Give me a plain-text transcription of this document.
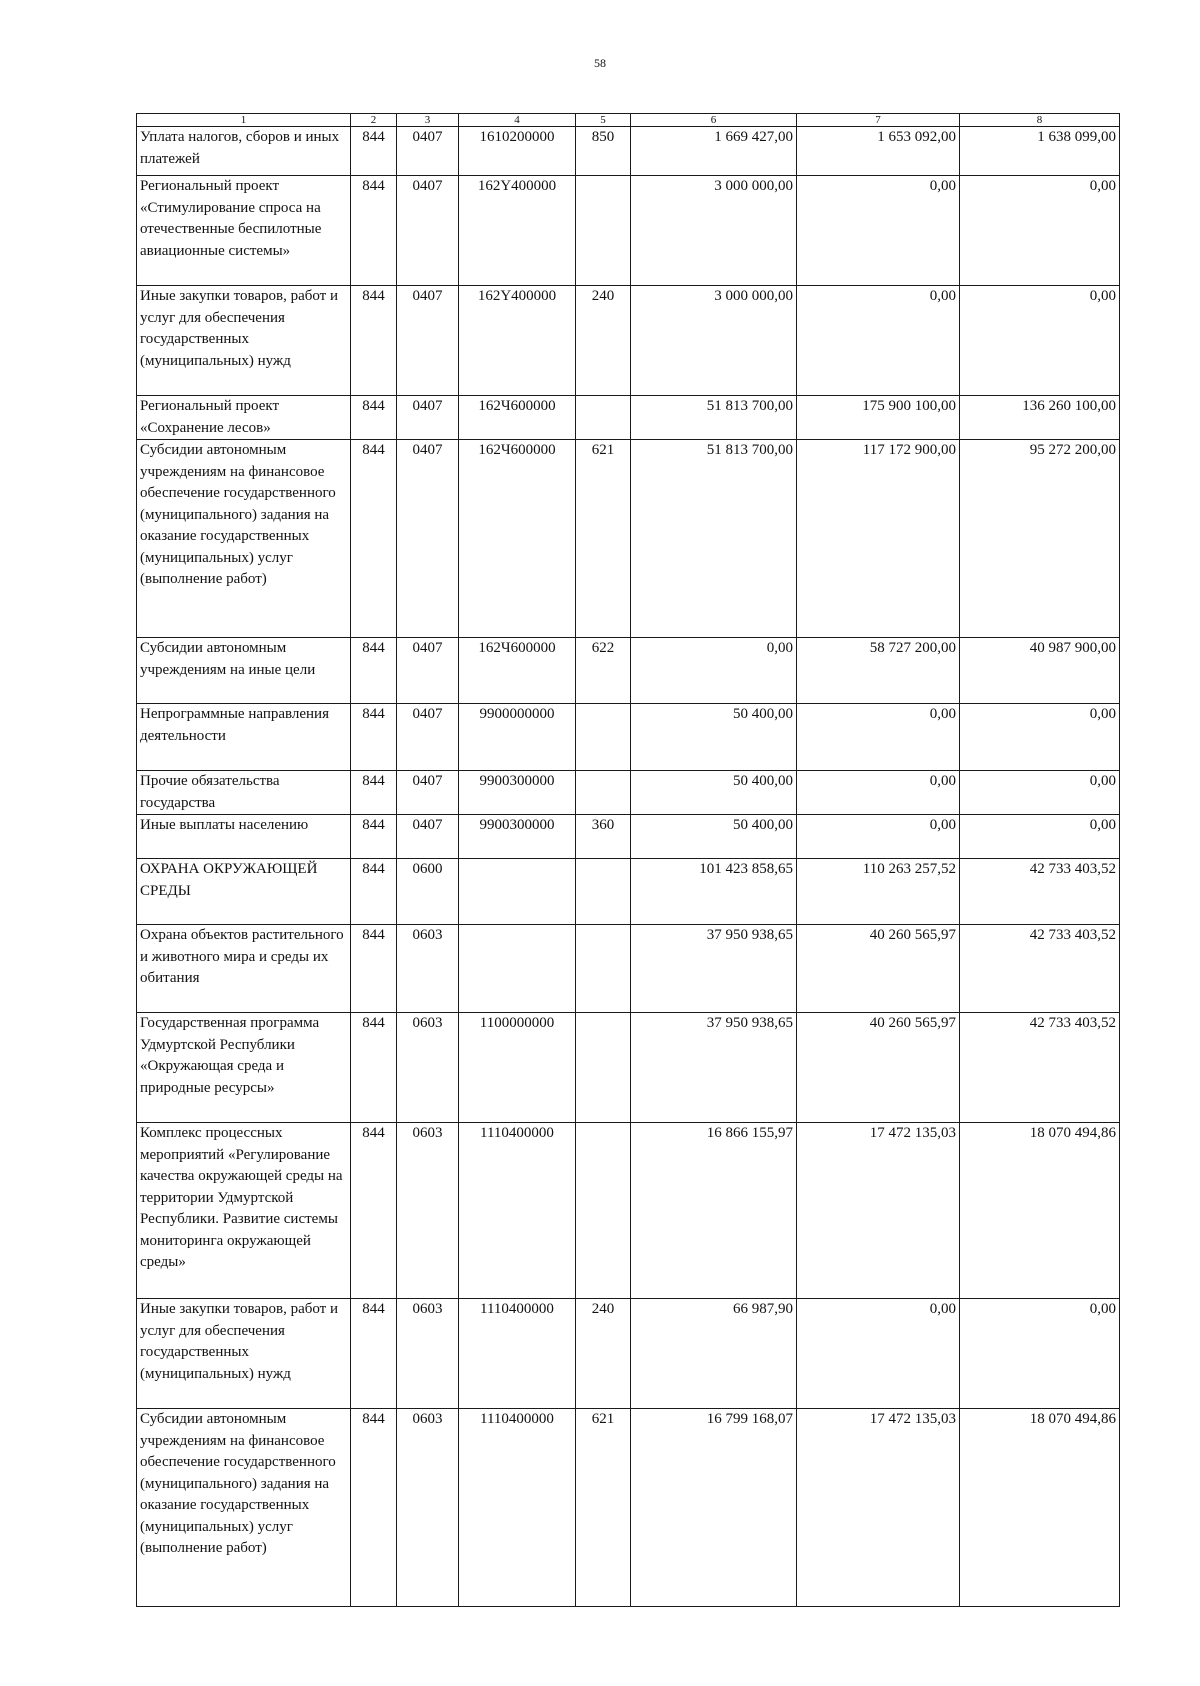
58
1	2	3	4	5	6	7	8
Уплата налогов, сборов и иных платежей	844	0407	1610200000	850	1 669 427,00	1 653 092,00	1 638 099,00
Региональный проект «Стимулирование спроса на отечественные беспилотные авиационные системы»	844	0407	162Y400000		3 000 000,00	0,00	0,00
Иные закупки товаров, работ и услуг для обеспечения государственных (муниципальных) нужд	844	0407	162Y400000	240	3 000 000,00	0,00	0,00
Региональный проект «Сохранение лесов»	844	0407	162Ч600000		51 813 700,00	175 900 100,00	136 260 100,00
Субсидии автономным учреждениям на финансовое обеспечение государственного (муниципального) задания на оказание государственных (муниципальных) услуг (выполнение работ)	844	0407	162Ч600000	621	51 813 700,00	117 172 900,00	95 272 200,00
Субсидии автономным учреждениям на иные цели	844	0407	162Ч600000	622	0,00	58 727 200,00	40 987 900,00
Непрограммные направления деятельности	844	0407	9900000000		50 400,00	0,00	0,00
Прочие обязательства государства	844	0407	9900300000		50 400,00	0,00	0,00
Иные выплаты населению	844	0407	9900300000	360	50 400,00	0,00	0,00
ОХРАНА ОКРУЖАЮЩЕЙ СРЕДЫ	844	0600			101 423 858,65	110 263 257,52	42 733 403,52
Охрана объектов растительного и животного мира и среды их обитания	844	0603			37 950 938,65	40 260 565,97	42 733 403,52
Государственная программа Удмуртской Республики «Окружающая среда и природные ресурсы»	844	0603	1100000000		37 950 938,65	40 260 565,97	42 733 403,52
Комплекс процессных мероприятий «Регулирование качества окружающей среды на территории Удмуртской Республики. Развитие системы мониторинга окружающей среды»	844	0603	1110400000		16 866 155,97	17 472 135,03	18 070 494,86
Иные закупки товаров, работ и услуг для обеспечения государственных (муниципальных) нужд	844	0603	1110400000	240	66 987,90	0,00	0,00
Субсидии автономным учреждениям на финансовое обеспечение государственного (муниципального) задания на оказание государственных (муниципальных) услуг (выполнение работ)	844	0603	1110400000	621	16 799 168,07	17 472 135,03	18 070 494,86
